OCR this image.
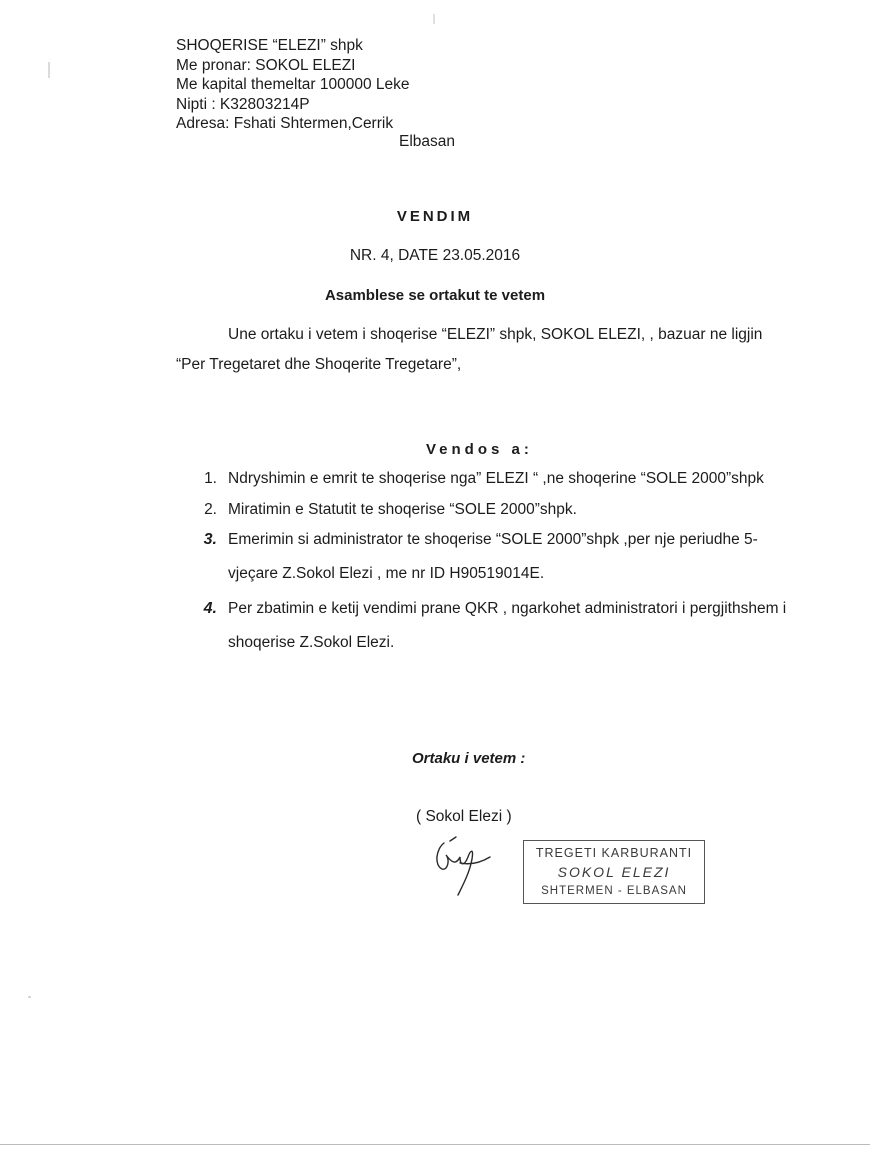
SHOQERISE “ELEZI” shpk
Me pronar: SOKOL ELEZI
Me kapital themeltar 100000 Leke
Nipti : K32803214P
Adresa: Fshati Shtermen,Cerrik
Elbasan
VENDIM
NR. 4, DATE 23.05.2016
Asamblese se ortakut te vetem
Une ortaku i vetem i shoqerise “ELEZI” shpk, SOKOL ELEZI, , bazuar ne ligjin
“Per Tregetaret dhe Shoqerite Tregetare”,
Vendos a:
1. Ndryshimin e emrit te shoqerise nga” ELEZI “ ,ne shoqerine “SOLE 2000”shpk
2. Miratimin e Statutit te shoqerise “SOLE 2000”shpk.
3. Emerimin si administrator te shoqerise “SOLE 2000”shpk ,per nje periudhe 5-
vjeçare Z.Sokol Elezi , me nr ID H90519014E.
4. Per zbatimin e ketij vendimi prane QKR , ngarkohet administratori i pergjithshem i
shoqerise Z.Sokol Elezi.
Ortaku i vetem :
( Sokol Elezi )
TREGETI KARBURANTI
SOKOL ELEZI
SHTERMEN - ELBASAN
